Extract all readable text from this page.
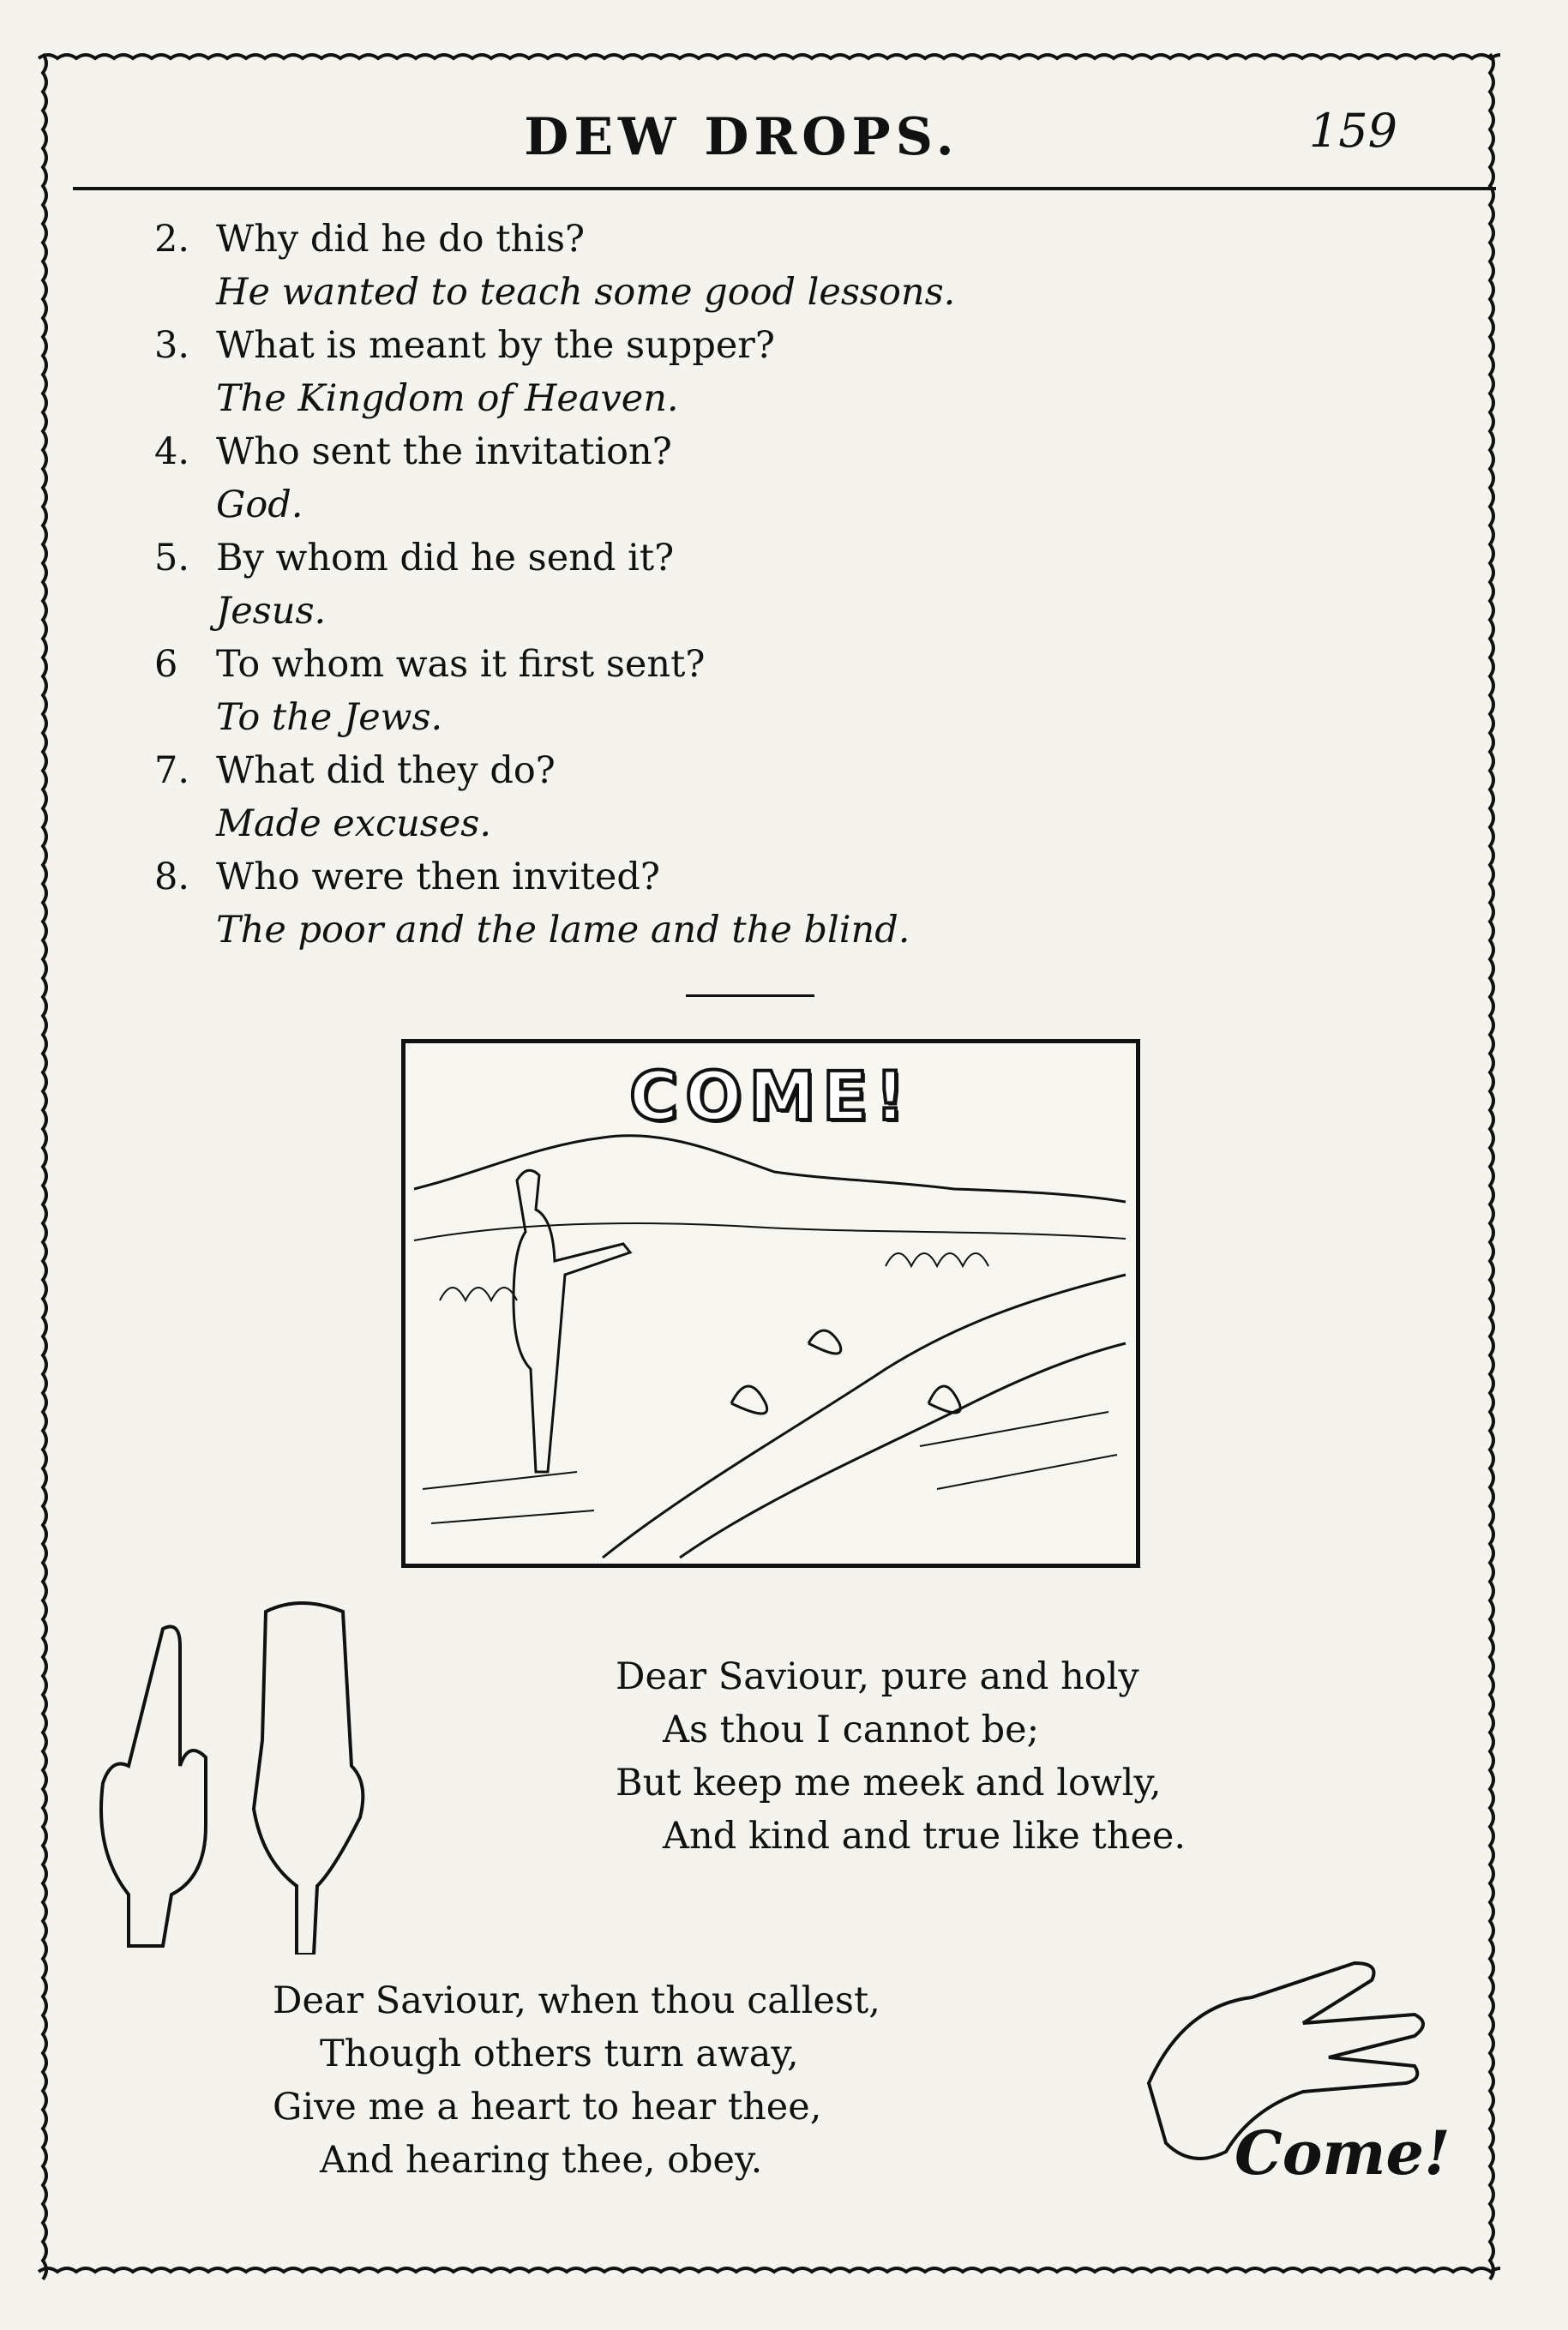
DEW DROPS.	159
2. Why did he do this?
He wanted to teach some good lessons.
3. What is meant by the supper?
The Kingdom of Heaven.
4. Who sent the invitation?
God.
5. By whom did he send it?
Jesus.
6 To whom was it first sent?
To the Jews.
7. What did they do?
Made excuses.
8. Who were then invited?
The poor and the lame and the blind.
COME!
Dear Saviour, pure and holy
As thou I cannot be;
But keep me meek and lowly,
And kind and true like thee.
Dear Saviour, when thou callest,
Though others turn away,
Give me a heart to hear thee,
And hearing thee, obey.	Come!
